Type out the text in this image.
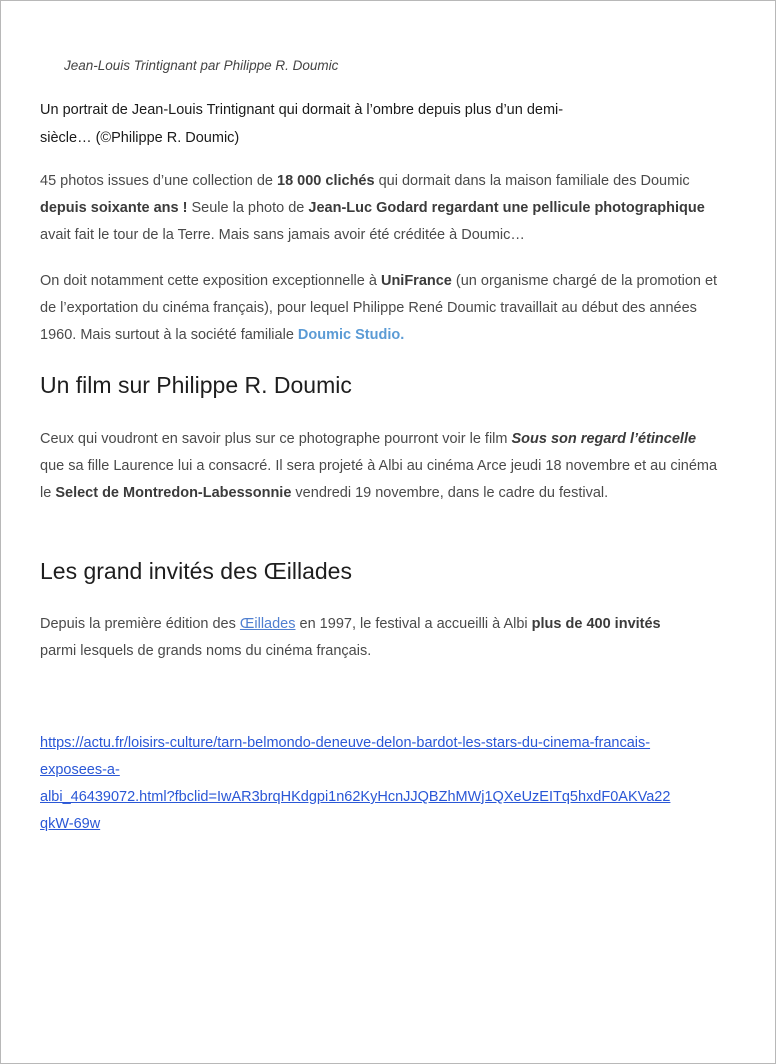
Jean-Louis Trintignant par Philippe R. Doumic

Un portrait de Jean-Louis Trintignant qui dormait à l’ombre depuis plus d’un demi-
siècle… (©Philippe R. Doumic)

45 photos issues d’une collection de 18 000 clichés qui dormait dans la maison familiale des Doumic depuis soixante ans ! Seule la photo de Jean-Luc Godard regardant une pellicule photographique avait fait le tour de la Terre. Mais sans jamais avoir été créditée à Doumic…

On doit notamment cette exposition exceptionnelle à UniFrance (un organisme chargé de la promotion et de l’exportation du cinéma français), pour lequel Philippe René Doumic travaillait au début des années 1960. Mais surtout à la société familiale Doumic Studio.

Un film sur Philippe R. Doumic

Ceux qui voudront en savoir plus sur ce photographe pourront voir le film Sous son regard l’étincelle que sa fille Laurence lui a consacré. Il sera projeté à Albi au cinéma Arce jeudi 18 novembre et au cinéma le Select de Montredon-Labessonnie vendredi 19 novembre, dans le cadre du festival.

Les grand invités des Œillades

Depuis la première édition des Œillades en 1997, le festival a accueilli à Albi plus de 400 invités parmi lesquels de grands noms du cinéma français.

https://actu.fr/loisirs-culture/tarn-belmondo-deneuve-delon-bardot-les-stars-du-cinema-francais-
exposees-a-
albi_46439072.html?fbclid=IwAR3brqHKdgpi1n62KyHcnJJQBZhMWj1QXeUzEITq5hxdF0AKVa22
qkW-69w
